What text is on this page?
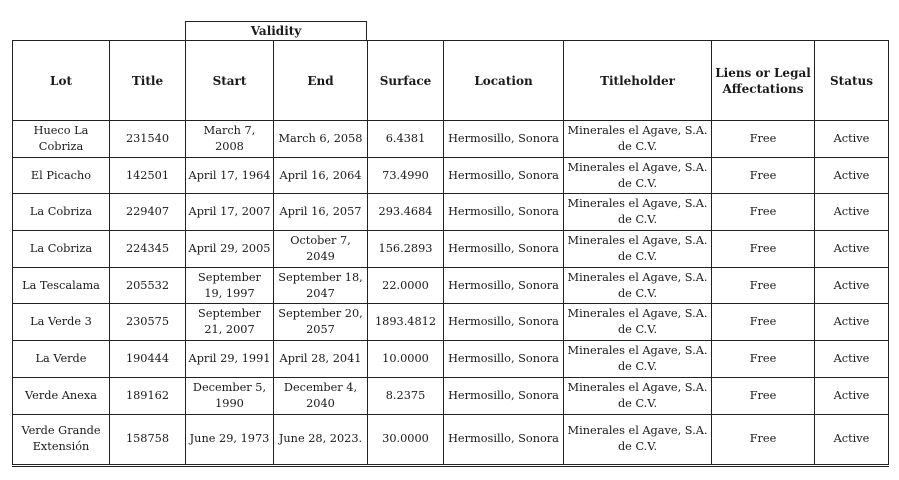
Validity
Lot	Title	Start	End	Surface	Location	Titleholder	Liens or Legal Affectations	Status
Hueco La Cobriza	231540	March 7, 2008	March 6, 2058	6.4381	Hermosillo, Sonora	Minerales el Agave, S.A. de C.V.	Free	Active
El Picacho	142501	April 17, 1964	April 16, 2064	73.4990	Hermosillo, Sonora	Minerales el Agave, S.A. de C.V.	Free	Active
La Cobriza	229407	April 17, 2007	April 16, 2057	293.4684	Hermosillo, Sonora	Minerales el Agave, S.A. de C.V.	Free	Active
La Cobriza	224345	April 29, 2005	October 7, 2049	156.2893	Hermosillo, Sonora	Minerales el Agave, S.A. de C.V.	Free	Active
La Tescalama	205532	September 19, 1997	September 18, 2047	22.0000	Hermosillo, Sonora	Minerales el Agave, S.A. de C.V.	Free	Active
La Verde 3	230575	September 21, 2007	September 20, 2057	1893.4812	Hermosillo, Sonora	Minerales el Agave, S.A. de C.V.	Free	Active
La Verde	190444	April 29, 1991	April 28, 2041	10.0000	Hermosillo, Sonora	Minerales el Agave, S.A. de C.V.	Free	Active
Verde Anexa	189162	December 5, 1990	December 4, 2040	8.2375	Hermosillo, Sonora	Minerales el Agave, S.A. de C.V.	Free	Active
Verde Grande Extensión	158758	June 29, 1973	June 28, 2023.	30.0000	Hermosillo, Sonora	Minerales el Agave, S.A. de C.V.	Free	Active
